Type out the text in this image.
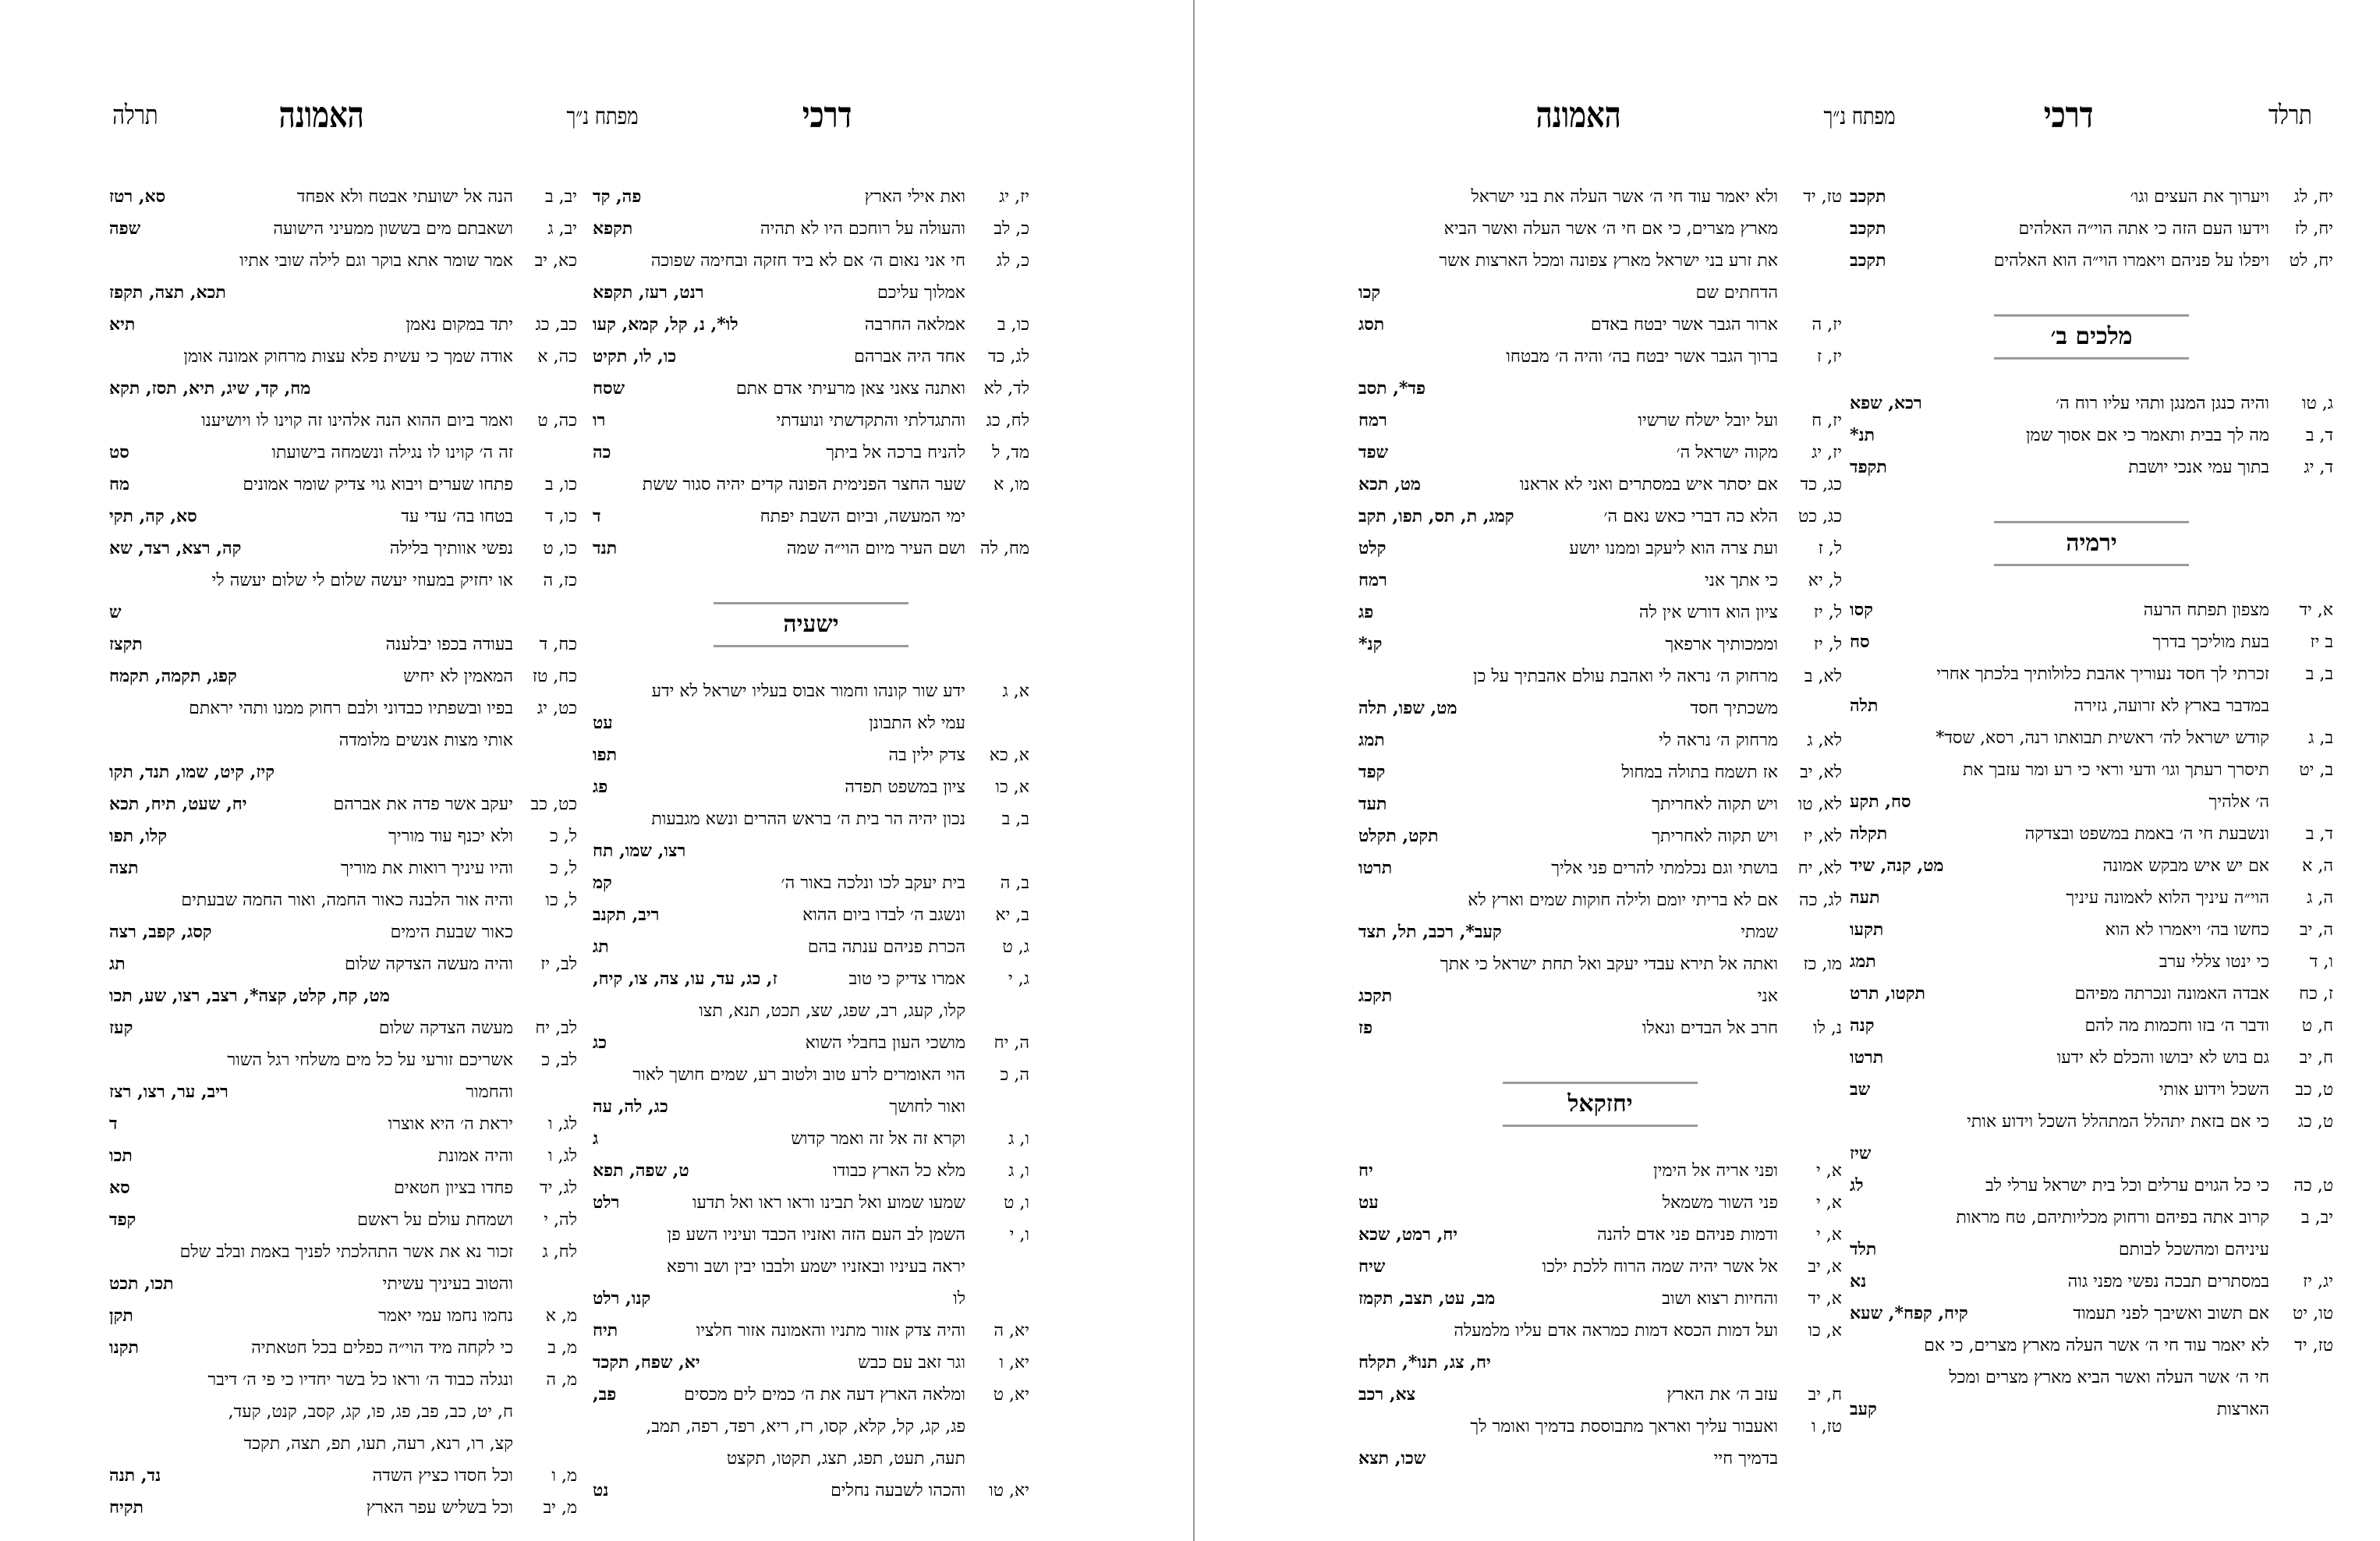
דרכי
מפתח נ״ך
האמונה
תרלה
יז, יג
ואת אילי הארץ
פה, קד
כ, לב
והעולה על רוחכם היו לא תהיה
תקפא
כ, לג
חי אני נאום ה׳ אם לא ביד חזקה ובחימה שפוכה
אמלוך עליכם
רנט, רעז, תקפא
כו, ב
אמלאה החרבה
לו*, נ, קל, קמא, קעו
לג, כד
אחד היה אברהם
כו, לו, תקיט
לד, לא
ואתנה צאני צאן מרעיתי אדם אתם
שסח
לח, כג
והתגדלתי והתקדשתי ונועדתי
רו
מד, ל
להניח ברכה אל ביתך
כה
מו, א
שער החצר הפנימית הפונה קדים יהיה סגור ששת
ימי המעשה, וביום השבת יפתח
ד
מח, לה
ושם העיר מיום הוי״ה שמה
תנד
ישעיה
א, ג
ידע שור קונהו וחמור אבוס בעליו ישראל לא ידע
עמי לא התבונן
עט
א, כא
צדק ילין בה
תפו
א, כו
ציון במשפט תפדה
פג
ב, ב
נכון יהיה הר בית ה׳ בראש ההרים ונשא מגבעות
רצו, שמו, תח
ב, ה
בית יעקב לכו ונלכה באור ה׳
קמ
ב, יא
ונשגב ה׳ לבדו ביום ההוא
ריב, תקנב
ג, ט
הכרת פניהם ענתה בהם
תג
ג, י
אמרו צדיק כי טוב
ז, כג, עד, עו, צה, צו, קיח,
קלו, קעג, רב, שפג, שצ, תכט, תנא, תצו
ה, יח
מושכי העון בחבלי השוא
כג
ה, כ
הוי האומרים לרע טוב ולטוב רע, שמים חושך לאור
ואור לחושך
כג, לה, עה
ו, ג
וקרא זה אל זה ואמר קדוש
ג
ו, ג
מלא כל הארץ כבודו
ט, שפה, תפא
ו, ט
שמעו שמוע ואל תבינו וראו ראו ואל תדעו
רלט
ו, י
השמן לב העם הזה ואזניו הכבד ועיניו השע פן
יראה בעיניו ובאזניו ישמע ולבבו יבין ושב ורפא
לו
קנו, רלט
יא, ה
והיה צדק אזור מתניו והאמונה אזור חלציו
תיח
יא, ו
וגר זאב עם כבש
יא, שפח, תקכד
יא, ט
ומלאה הארץ דעה את ה׳ כמים לים מכסים
פב,
פג, קג, קל, קלא, קסו, רז, ריא, רפד, רפה, תמב,
תעה, תעט, תפג, תצג, תקטו, תקצט
יא, טו
והכהו לשבעה נחלים
נט
יב, ב
הנה אל ישועתי אבטח ולא אפחד
סא, רטז
יב, ג
ושאבתם מים בששון ממעיני הישועה
שפה
כא, יב
אמר שומר אתא בוקר וגם לילה שובי אתיו
תכא, תצה, תקפז
כב, כג
יתד במקום נאמן
תיא
כה, א
אודה שמך כי עשית פלא עצות מרחוק אמונה אומן
מח, קד, שיג, תיא, תסז, תקא
כה, ט
ואמר ביום ההוא הנה אלהינו זה קוינו לו ויושיענו
זה ה׳ קוינו לו נגילה ונשמחה בישועתו
סט
כו, ב
פתחו שערים ויבוא גוי צדיק שומר אמונים
מח
כו, ד
בטחו בה׳ עדי עד
סא, קה, תקי
כו, ט
נפשי אוותיך בלילה
קה, רצא, רצד, שא
כז, ה
או יחזיק במעוזי יעשה שלום לי שלום יעשה לי
ש
כח, ד
בעודה בכפו יבלענה
תקצז
כח, טז
המאמין לא יחיש
קפג, תקמה, תקמח
כט, יג
בפיו ובשפתיו כבדוני ולבם רחוק ממנו ותהי יראתם
אותי מצות אנשים מלומדה
קיז, קיט, שמו, תנד, תקו
כט, כב
יעקב אשר פדה את אברהם
יח, שעט, תיח, תכא
ל, כ
ולא יכנף עוד מוריך
קלו, תפו
ל, כ
והיו עיניך רואות את מוריך
תצה
ל, כו
והיה אור הלבנה כאור החמה, ואור החמה שבעתים
כאור שבעת הימים
קסג, קפב, רצה
לב, יז
והיה מעשה הצדקה שלום
תג
מט, קח, קלט, קצה*, רצב, רצו, שע, תכו
לב, יח
מעשה הצדקה שלום
קעז
לב, כ
אשריכם זורעי על כל מים משלחי רגל השור
והחמור
ריב, ער, רצו, רצז
לג, ו
יראת ה׳ היא אוצרו
ד
לג, ו
והיה אמונת
תכו
לג, יד
פחדו בציון חטאים
סא
לה, י
ושמחת עולם על ראשם
קפד
לח, ג
זכור נא את אשר התהלכתי לפניך באמת ובלב שלם
והטוב בעיניך עשיתי
תכו, תכט
מ, א
נחמו נחמו עמי יאמר
תקן
מ, ב
כי לקחה מיד הוי״ה כפלים בכל חטאתיה
תקנו
מ, ה
ונגלה כבוד ה׳ וראו כל בשר יחדיו כי פי ה׳ דיבר
ח, יט, כב, פב, פג, פו, קג, קסב, קנט, קעד,
קצ, רו, רנא, רעה, תעו, תפ, תצה, תקכד
מ, ו
וכל חסדו כציץ השדה
נד, תנה
מ, יב
וכל בשליש עפר הארץ
תקיח
תרלד
דרכי
מפתח נ״ך
האמונה
יח, לג
ויערוך את העצים וגו׳
תקכב
יח, לז
וידעו העם הזה כי אתה הוי״ה האלהים
תקכב
יח, לט
ויפלו על פניהם ויאמרו הוי״ה הוא האלהים
תקכב
מלכים ב׳
ג, טו
והיה כנגן המנגן ותהי עליו רוח ה׳
רכא, שפא
ד, ב
מה לך בבית ותאמר כי אם אסוך שמן
תנ*
ד, יג
בתוך עמי אנכי יושבת
תקפד
ירמיה
א, יד
מצפון תפתח הרעה
קסו
ב יז
בעת מוליכך בדרך
סח
ב, ב
זכרתי לך חסד נעוריך אהבת כלולותיך בלכתך אחרי
במדבר בארץ לא זרועה, גזירה
תלה
ב, ג
קודש ישראל לה׳ ראשית תבואתו רנה, רסא, שסד*
ב, יט
תיסרך רעתך וגו׳ ודעי וראי כי רע ומר עזבך את
ה׳ אלהיך
סח, תקע
ד, ב
ונשבעת חי ה׳ באמת במשפט ובצדקה
תקלה
ה, א
אם יש איש מבקש אמונה
מט, קנה, שיד
ה, ג
הוי״ה עיניך הלוא לאמונה עיניך
תעה
ה, יב
כחשו בה׳ ויאמרו לא הוא
תקעו
ו, ד
כי ינטו צללי ערב
תמג
ז, כח
אבדה האמונה ונכרתה מפיהם
תקטו, תרט
ח, ט
ודבר ה׳ בזו וחכמות מה להם
קנה
ח, יב
גם בוש לא יבושו והכלם לא ידעו
תרטו
ט, כב
השכל וידוע אותי
שב
ט, כג
כי אם בזאת יתהלל המתהלל השכל וידוע אותי
שיז
ט, כה
כי כל הגוים ערלים וכל בית ישראל ערלי לב
לג
יב, ב
קרוב אתה בפיהם ורחוק מכליותיהם, טח מראות
עיניהם ומהשכל לבותם
תלד
יג, יז
במסתרים תבכה נפשי מפני גוה
נא
טו, יט
אם תשוב ואשיבך לפני תעמוד
קיח, קפח*, שעא
טז, יד
לא יאמר עוד חי ה׳ אשר העלה מארץ מצרים, כי אם
חי ה׳ אשר העלה ואשר הביא מארץ מצרים ומכל
הארצות
קעב
טז, יד
ולא יאמר עוד חי ה׳ אשר העלה את בני ישראל
מארץ מצרים, כי אם חי ה׳ אשר העלה ואשר הביא
את זרע בני ישראל מארץ צפונה ומכל הארצות אשר
הדחתים שם
קכו
יז, ה
ארור הגבר אשר יבטח באדם
תסג
יז, ז
ברוך הגבר אשר יבטח בה׳ והיה ה׳ מבטחו
פד*, תסב
יז, ח
ועל יובל ישלח שרשיו
רמח
יז, יג
מקוה ישראל ה׳
שפד
כג, כד
אם יסתר איש במסתרים ואני לא אראנו
מט, תכא
כג, כט
הלא כה דברי כאש נאם ה׳
קמג, ת, תס, תפו, תקב
ל, ז
ועת צרה הוא ליעקב וממנו יושע
קלט
ל, יא
כי אתך אני
רמח
ל, יז
ציון הוא דורש אין לה
פג
ל, יז
וממכותיך ארפאך
קנ*
לא, ב
מרחוק ה׳ נראה לי ואהבת עולם אהבתיך על כן
משכתיך חסד
מט, שפו, תלה
לא, ג
מרחוק ה׳ נראה לי
תמג
לא, יב
אז תשמח בתולה במחול
קפד
לא, טו
ויש תקוה לאחריתך
תעד
לא, יז
ויש תקוה לאחריתך
תקט, תקלט
לא, יח
בושתי וגם נכלמתי להרים פני אליך
תרטו
לג, כה
אם לא בריתי יומם ולילה חוקות שמים וארץ לא
שמתי
קעב*, רכב, תל, תצד
מו, כז
ואתה אל תירא עבדי יעקב ואל תחת ישראל כי אתך
אני
תקכג
נ, לו
חרב אל הבדים ונאלו
פז
יחזקאל
א, י
ופני אריה אל הימין
יח
א, י
פני השור משמאל
עט
א, י
ודמות פניהם פני אדם להנה
יח, רמט, שכא
א, יב
אל אשר יהיה שמה הרוח ללכת ילכו
שיח
א, יד
והחיות רצוא ושוב
מב, עט, תצב, תקמז
א, כו
ועל דמות הכסא דמות כמראה אדם עליו מלמעלה
יח, צג, תנו*, תקלח
ח, יב
עזב ה׳ את הארץ
צא, רכב
טז, ו
ואעבור עליך ואראך מתבוססת בדמיך ואומר לך
בדמיך חיי
שכו, תצא
